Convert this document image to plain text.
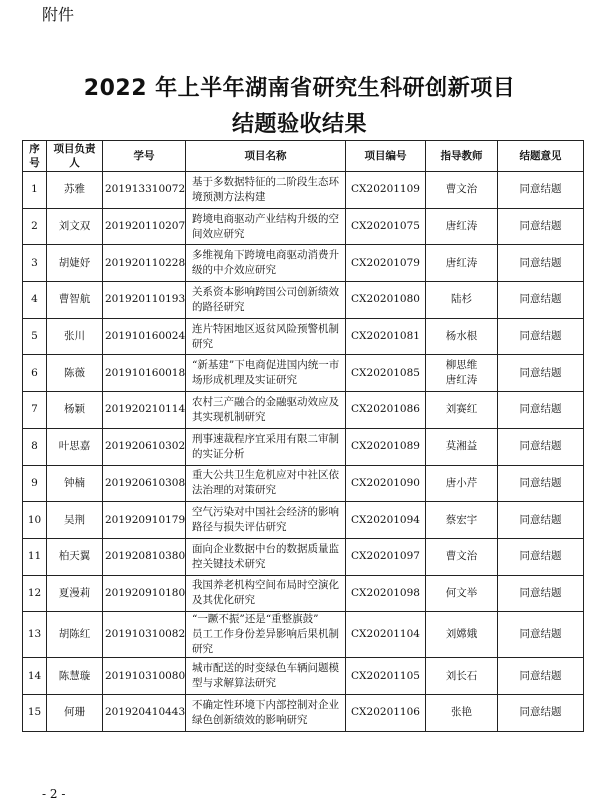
附件
2022 年上半年湖南省研究生科研创新项目
结题验收结果
序号	项目负责人	学号	项目名称	项目编号	指导教师	结题意见
1	苏雅	201913310072	基于多数据特征的二阶段生态环境预测方法构建	CX20201109	曹文治	同意结题
2	刘文双	201920110207	跨境电商驱动产业结构升级的空间效应研究	CX20201075	唐红涛	同意结题
3	胡婕妤	201920110228	多维视角下跨境电商驱动消费升级的中介效应研究	CX20201079	唐红涛	同意结题
4	曹智航	201920110193	关系资本影响跨国公司创新绩效的路径研究	CX20201080	陆杉	同意结题
5	张川	201910160024	连片特困地区返贫风险预警机制研究	CX20201081	杨水根	同意结题
6	陈薇	201910160018	“新基建”下电商促进国内统一市场形成机理及实证研究	CX20201085	柳思维
唐红涛	同意结题
7	杨颖	201920210114	农村三产融合的金融驱动效应及其实现机制研究	CX20201086	刘赛红	同意结题
8	叶思嘉	201920610302	刑事速裁程序宜采用有限二审制的实证分析	CX20201089	莫湘益	同意结题
9	钟楠	201920610308	重大公共卫生危机应对中社区依法治理的对策研究	CX20201090	唐小芹	同意结题
10	吴荆	201920910179	空气污染对中国社会经济的影响路径与损失评估研究	CX20201094	蔡宏宇	同意结题
11	柏天翼	201920810380	面向企业数据中台的数据质量监控关键技术研究	CX20201097	曹文治	同意结题
12	夏漫莉	201920910180	我国养老机构空间布局时空演化及其优化研究	CX20201098	何文举	同意结题
13	胡陈红	201910310082	“一蹶不振”还是“重整旗鼓”
员工工作身份差异影响后果机制研究	CX20201104	刘嫦娥	同意结题
14	陈慧璇	201910310080	城市配送的时变绿色车辆问题模型与求解算法研究	CX20201105	刘长石	同意结题
15	何珊	201920410443	不确定性环境下内部控制对企业绿色创新绩效的影响研究	CX20201106	张艳	同意结题
- 2 -
